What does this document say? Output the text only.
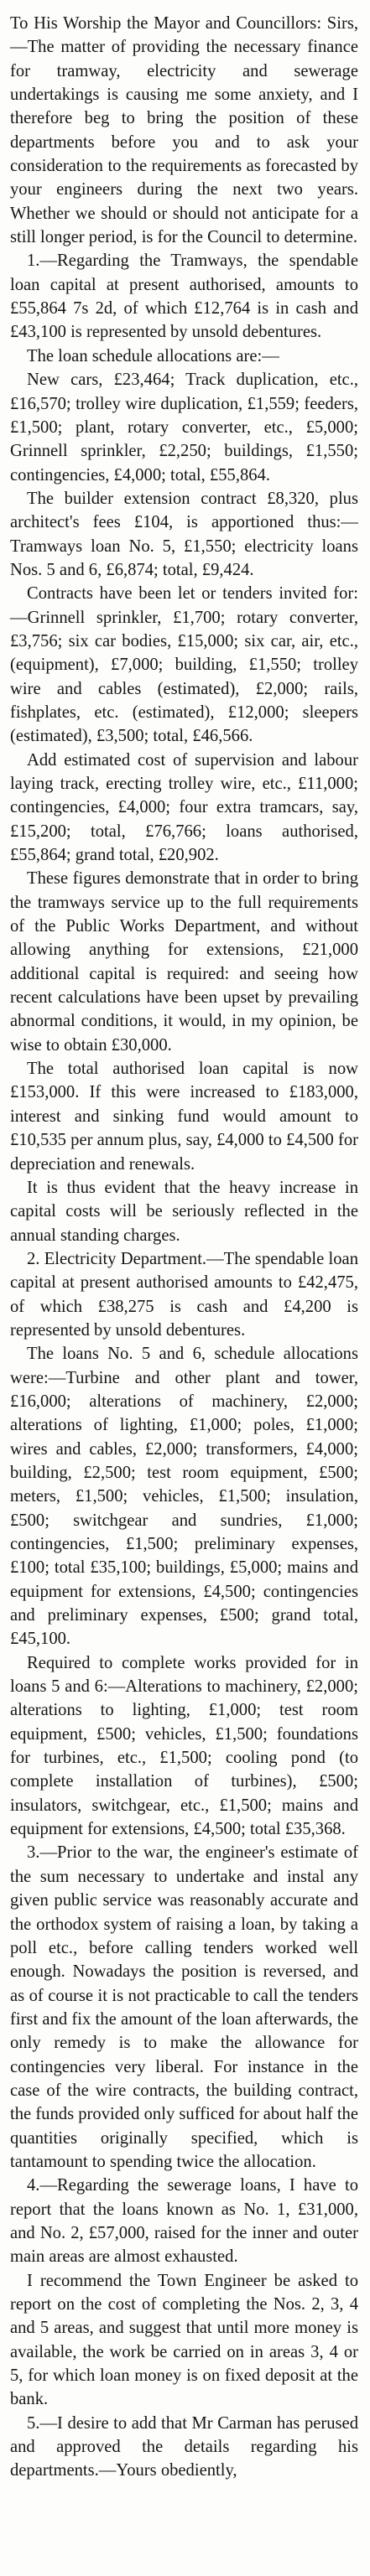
To His Worship the Mayor and Councillors: Sirs,—The matter of providing the necessary finance for tramway, electricity and sewerage undertakings is causing me some anxiety, and I therefore beg to bring the position of these departments before you and to ask your consideration to the requirements as forecasted by your engineers during the next two years. Whether we should or should not anticipate for a still longer period, is for the Council to determine.

1.—Regarding the Tramways, the spendable loan capital at present authorised, amounts to £55,864 7s 2d, of which £12,764 is in cash and £43,100 is represented by unsold debentures.

The loan schedule allocations are:—

New cars, £23,464; Track duplication, etc., £16,570; trolley wire duplication, £1,559; feeders, £1,500; plant, rotary converter, etc., £5,000; Grinnell sprinkler, £2,250; buildings, £1,550; contingencies, £4,000; total, £55,864.

The builder extension contract £8,320, plus architect's fees £104, is apportioned thus:— Tramways loan No. 5, £1,550; electricity loans Nos. 5 and 6, £6,874; total, £9,424.

Contracts have been let or tenders invited for:—Grinnell sprinkler, £1,700; rotary converter, £3,756; six car bodies, £15,000; six car, air, etc., (equipment), £7,000; building, £1,550; trolley wire and cables (estimated), £2,000; rails, fishplates, etc. (estimated), £12,000; sleepers (estimated), £3,500; total, £46,566.

Add estimated cost of supervision and labour laying track, erecting trolley wire, etc., £11,000; contingencies, £4,000; four extra tramcars, say, £15,200; total, £76,766; loans authorised, £55,864; grand total, £20,902.

These figures demonstrate that in order to bring the tramways service up to the full requirements of the Public Works Department, and without allowing anything for extensions, £21,000 additional capital is required: and seeing how recent calculations have been upset by prevailing abnormal conditions, it would, in my opinion, be wise to obtain £30,000.

The total authorised loan capital is now £153,000. If this were increased to £183,000, interest and sinking fund would amount to £10,535 per annum plus, say, £4,000 to £4,500 for depreciation and renewals.

It is thus evident that the heavy increase in capital costs will be seriously reflected in the annual standing charges.

2. Electricity Department.—The spendable loan capital at present authorised amounts to £42,475, of which £38,275 is cash and £4,200 is represented by unsold debentures.

The loans No. 5 and 6, schedule allocations were:—Turbine and other plant and tower, £16,000; alterations of machinery, £2,000; alterations of lighting, £1,000; poles, £1,000; wires and cables, £2,000; transformers, £4,000; building, £2,500; test room equipment, £500; meters, £1,500; vehicles, £1,500; insulation, £500; switchgear and sundries, £1,000; contingencies, £1,500; preliminary expenses, £100; total £35,100; buildings, £5,000; mains and equipment for extensions, £4,500; contingencies and preliminary expenses, £500; grand total, £45,100.

Required to complete works provided for in loans 5 and 6:—Alterations to machinery, £2,000; alterations to lighting, £1,000; test room equipment, £500; vehicles, £1,500; foundations for turbines, etc., £1,500; cooling pond (to complete installation of turbines), £500; insulators, switchgear, etc., £1,500; mains and equipment for extensions, £4,500; total £35,368.

3.—Prior to the war, the engineer's estimate of the sum necessary to undertake and instal any given public service was reasonably accurate and the orthodox system of raising a loan, by taking a poll etc., before calling tenders worked well enough. Nowadays the position is reversed, and as of course it is not practicable to call the tenders first and fix the amount of the loan afterwards, the only remedy is to make the allowance for contingencies very liberal. For instance in the case of the wire contracts, the building contract, the funds provided only sufficed for about half the quantities originally specified, which is tantamount to spending twice the allocation.

4.—Regarding the sewerage loans, I have to report that the loans known as No. 1, £31,000, and No. 2, £57,000, raised for the inner and outer main areas are almost exhausted.

I recommend the Town Engineer be asked to report on the cost of completing the Nos. 2, 3, 4 and 5 areas, and suggest that until more money is available, the work be carried on in areas 3, 4 or 5, for which loan money is on fixed deposit at the bank.

5.—I desire to add that Mr Carman has perused and approved the details regarding his departments.—Yours obediently,
